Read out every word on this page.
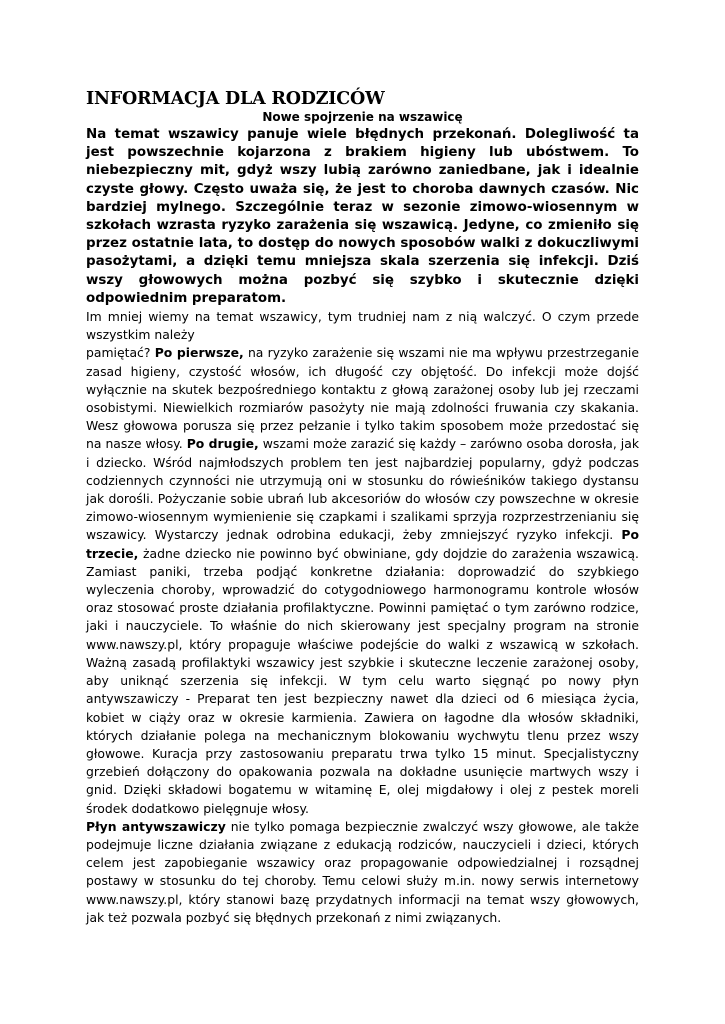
INFORMACJA DLA RODZICÓW

Nowe spojrzenie na wszawicę

Na temat wszawicy panuje wiele błędnych przekonań. Dolegliwość ta jest powszechnie kojarzona z brakiem higieny lub ubóstwem. To niebezpieczny mit, gdyż wszy lubią zarówno zaniedbane, jak i idealnie czyste głowy. Często uważa się, że jest to choroba dawnych czasów. Nic bardziej mylnego. Szczególnie teraz w sezonie zimowo-wiosennym w szkołach wzrasta ryzyko zarażenia się wszawicą. Jedyne, co zmieniło się przez ostatnie lata, to dostęp do nowych sposobów walki z dokuczliwymi pasożytami, a dzięki temu mniejsza skala szerzenia się infekcji. Dziś wszy głowowych można pozbyć się szybko i skutecznie dzięki odpowiednim preparatom.

Im mniej wiemy na temat wszawicy, tym trudniej nam z nią walczyć. O czym przede wszystkim należy

pamiętać? Po pierwsze, na ryzyko zarażenie się wszami nie ma wpływu przestrzeganie zasad higieny, czystość włosów, ich długość czy objętość. Do infekcji może dojść wyłącznie na skutek bezpośredniego kontaktu z głową zarażonej osoby lub jej rzeczami osobistymi. Niewielkich rozmiarów pasożyty nie mają zdolności fruwania czy skakania. Wesz głowowa porusza się przez pełzanie i tylko takim sposobem może przedostać się na nasze włosy. Po drugie, wszami może zarazić się każdy – zarówno osoba dorosła, jak i dziecko. Wśród najmłodszych problem ten jest najbardziej popularny, gdyż podczas codziennych czynności nie utrzymują oni w stosunku do rówieśników takiego dystansu jak dorośli. Pożyczanie sobie ubrań lub akcesoriów do włosów czy powszechne w okresie zimowo-wiosennym wymienienie się czapkami i szalikami sprzyja rozprzestrzenianiu się wszawicy. Wystarczy jednak odrobina edukacji, żeby zmniejszyć ryzyko infekcji. Po trzecie, żadne dziecko nie powinno być obwiniane, gdy dojdzie do zarażenia wszawicą. Zamiast paniki, trzeba podjąć konkretne działania: doprowadzić do szybkiego wyleczenia choroby, wprowadzić do cotygodniowego harmonogramu kontrole włosów oraz stosować proste działania profilaktyczne. Powinni pamiętać o tym zarówno rodzice, jaki i nauczyciele. To właśnie do nich skierowany jest specjalny program na stronie www.nawszy.pl, który propaguje właściwe podejście do walki z wszawicą w szkołach. Ważną zasadą profilaktyki wszawicy jest szybkie i skuteczne leczenie zarażonej osoby, aby uniknąć szerzenia się infekcji. W tym celu warto sięgnąć po nowy płyn antywszawiczy - Preparat ten jest bezpieczny nawet dla dzieci od 6 miesiąca życia, kobiet w ciąży oraz w okresie karmienia. Zawiera on łagodne dla włosów składniki, których działanie polega na mechanicznym blokowaniu wychwytu tlenu przez wszy głowowe. Kuracja przy zastosowaniu preparatu trwa tylko 15 minut. Specjalistyczny grzebień dołączony do opakowania pozwala na dokładne usunięcie martwych wszy i gnid. Dzięki składowi bogatemu w witaminę E, olej migdałowy i olej z pestek moreli środek dodatkowo pielęgnuje włosy.

Płyn antywszawiczy nie tylko pomaga bezpiecznie zwalczyć wszy głowowe, ale także podejmuje liczne działania związane z edukacją rodziców, nauczycieli i dzieci, których celem jest zapobieganie wszawicy oraz propagowanie odpowiedzialnej i rozsądnej postawy w stosunku do tej choroby. Temu celowi służy m.in. nowy serwis internetowy www.nawszy.pl, który stanowi bazę przydatnych informacji na temat wszy głowowych, jak też pozwala pozbyć się błędnych przekonań z nimi związanych.
